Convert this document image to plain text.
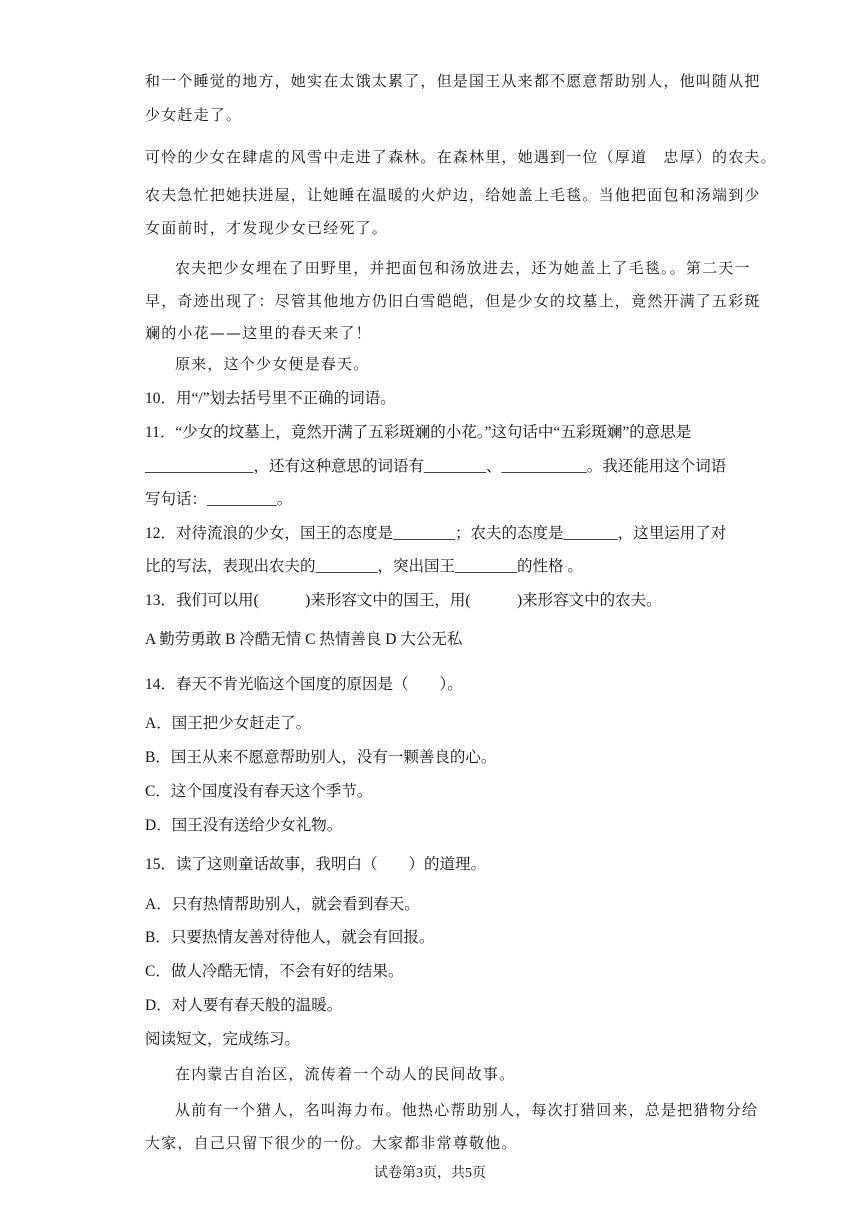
和一个睡觉的地方，她实在太饿太累了，但是国王从来都不愿意帮助别人，他叫随从把
少女赶走了。
可怜的少女在肆虐的风雪中走进了森林。在森林里，她遇到一位（厚道　忠厚）的农夫。
农夫急忙把她扶进屋，让她睡在温暖的火炉边，给她盖上毛毯。当他把面包和汤端到少
女面前时，才发现少女已经死了。
农夫把少女埋在了田野里，并把面包和汤放进去，还为她盖上了毛毯。。第二天一
早，奇迹出现了：尽管其他地方仍旧白雪皑皑，但是少女的坟墓上，竟然开满了五彩斑
斓的小花——这里的春天来了！
原来，这个少女便是春天。
10．用“/”划去括号里不正确的词语。
11．“少女的坟墓上，竟然开满了五彩斑斓的小花。”这句话中“五彩斑斓”的意思是
______________，还有这种意思的词语有________、___________。我还能用这个词语
写句话：_________。
12．对待流浪的少女，国王的态度是________；农夫的态度是_______，这里运用了对
比的写法，表现出农夫的________，突出国王________的性格 。
13．我们可以用(　　　)来形容文中的国王，用(　　　)来形容文中的农夫。
A 勤劳勇敢 B 冷酷无情 C 热情善良 D 大公无私
14．春天不肯光临这个国度的原因是（　　）。
A．国王把少女赶走了。
B．国王从来不愿意帮助别人，没有一颗善良的心。
C．这个国度没有春天这个季节。
D．国王没有送给少女礼物。
15．读了这则童话故事，我明白（　　）的道理。
A．只有热情帮助别人，就会看到春天。
B．只要热情友善对待他人，就会有回报。
C．做人冷酷无情，不会有好的结果。
D．对人要有春天般的温暖。
阅读短文，完成练习。
在内蒙古自治区，流传着一个动人的民间故事。
从前有一个猎人，名叫海力布。他热心帮助别人，每次打猎回来，总是把猎物分给
大家，自己只留下很少的一份。大家都非常尊敬他。
试卷第3页，共5页
